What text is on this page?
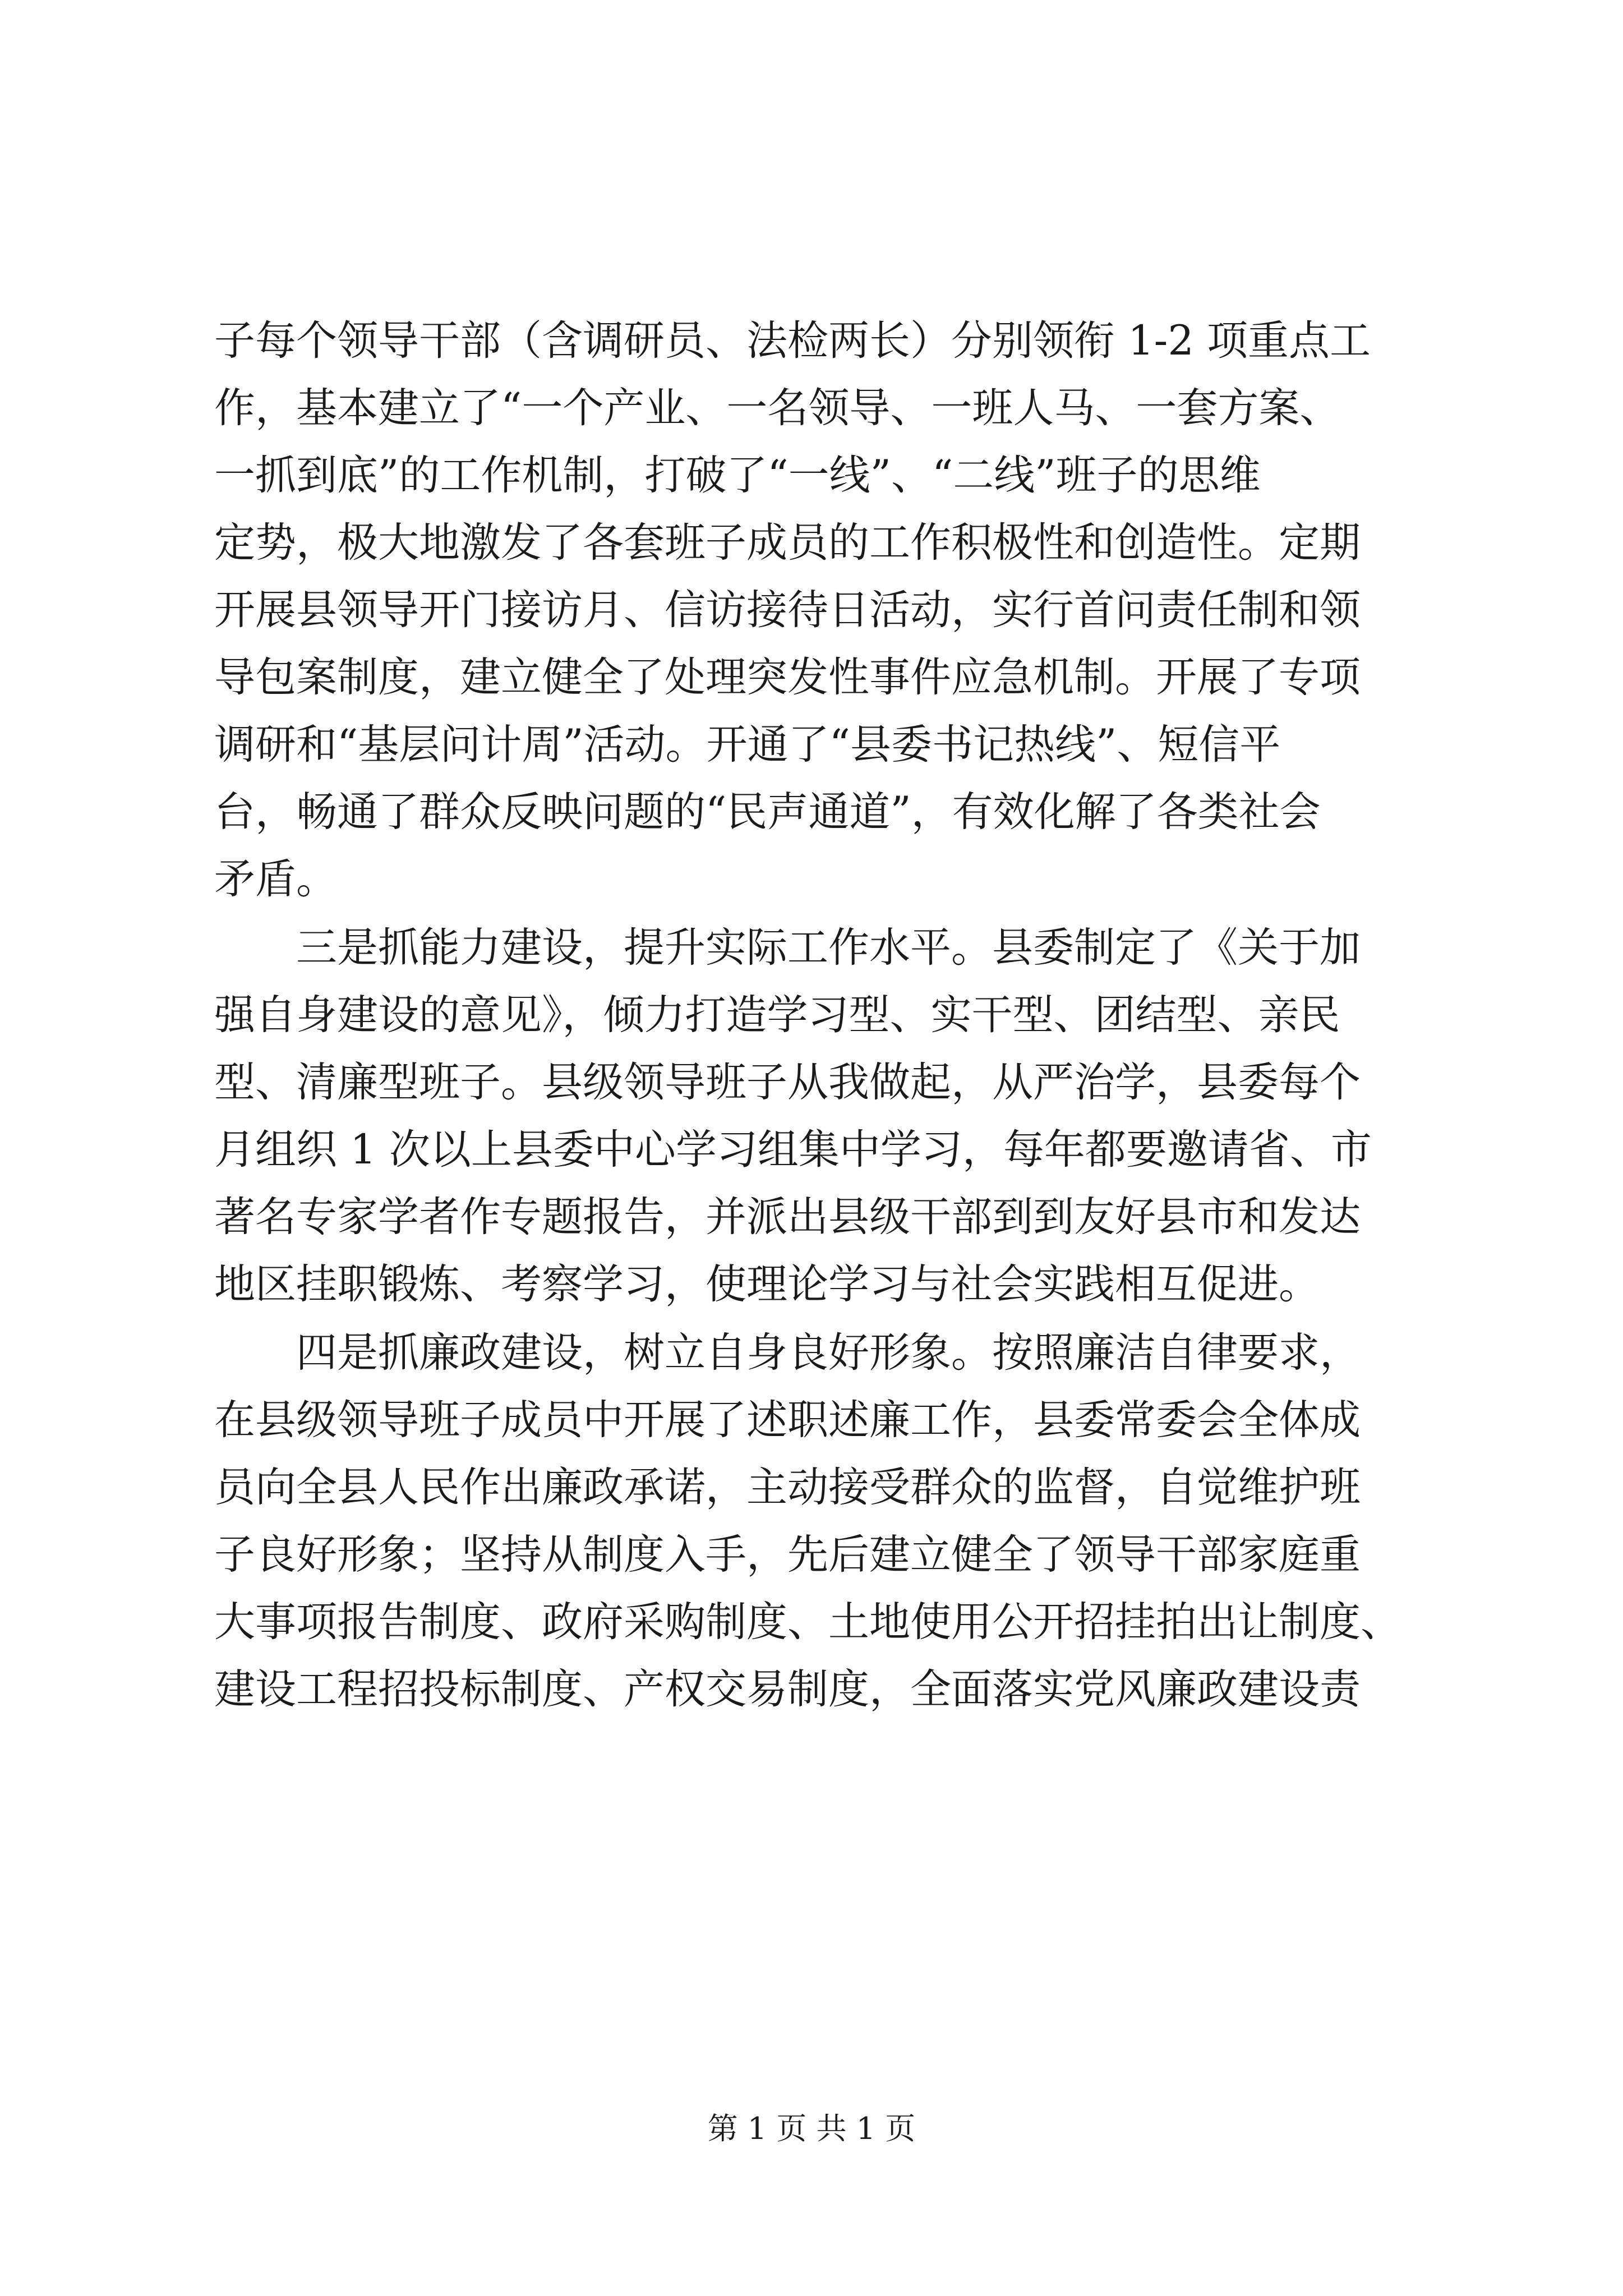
子每个领导干部（含调研员、法检两长）分别领衔 1-2 项重点工
作，基本建立了“一个产业、一名领导、一班人马、一套方案、
一抓到底”的工作机制，打破了“一线”、“二线”班子的思维
定势，极大地激发了各套班子成员的工作积极性和创造性。定期
开展县领导开门接访月、信访接待日活动，实行首问责任制和领
导包案制度，建立健全了处理突发性事件应急机制。开展了专项
调研和“基层问计周”活动。开通了“县委书记热线”、短信平
台，畅通了群众反映问题的“民声通道”，有效化解了各类社会
矛盾。
三是抓能力建设，提升实际工作水平。县委制定了《关于加
强自身建设的意见》，倾力打造学习型、实干型、团结型、亲民
型、清廉型班子。县级领导班子从我做起，从严治学，县委每个
月组织 1 次以上县委中心学习组集中学习，每年都要邀请省、市
著名专家学者作专题报告，并派出县级干部到到友好县市和发达
地区挂职锻炼、考察学习，使理论学习与社会实践相互促进。
四是抓廉政建设，树立自身良好形象。按照廉洁自律要求，
在县级领导班子成员中开展了述职述廉工作，县委常委会全体成
员向全县人民作出廉政承诺，主动接受群众的监督，自觉维护班
子良好形象；坚持从制度入手，先后建立健全了领导干部家庭重
大事项报告制度、政府采购制度、土地使用公开招挂拍出让制度、
建设工程招投标制度、产权交易制度，全面落实党风廉政建设责
第 1 页 共 1 页
